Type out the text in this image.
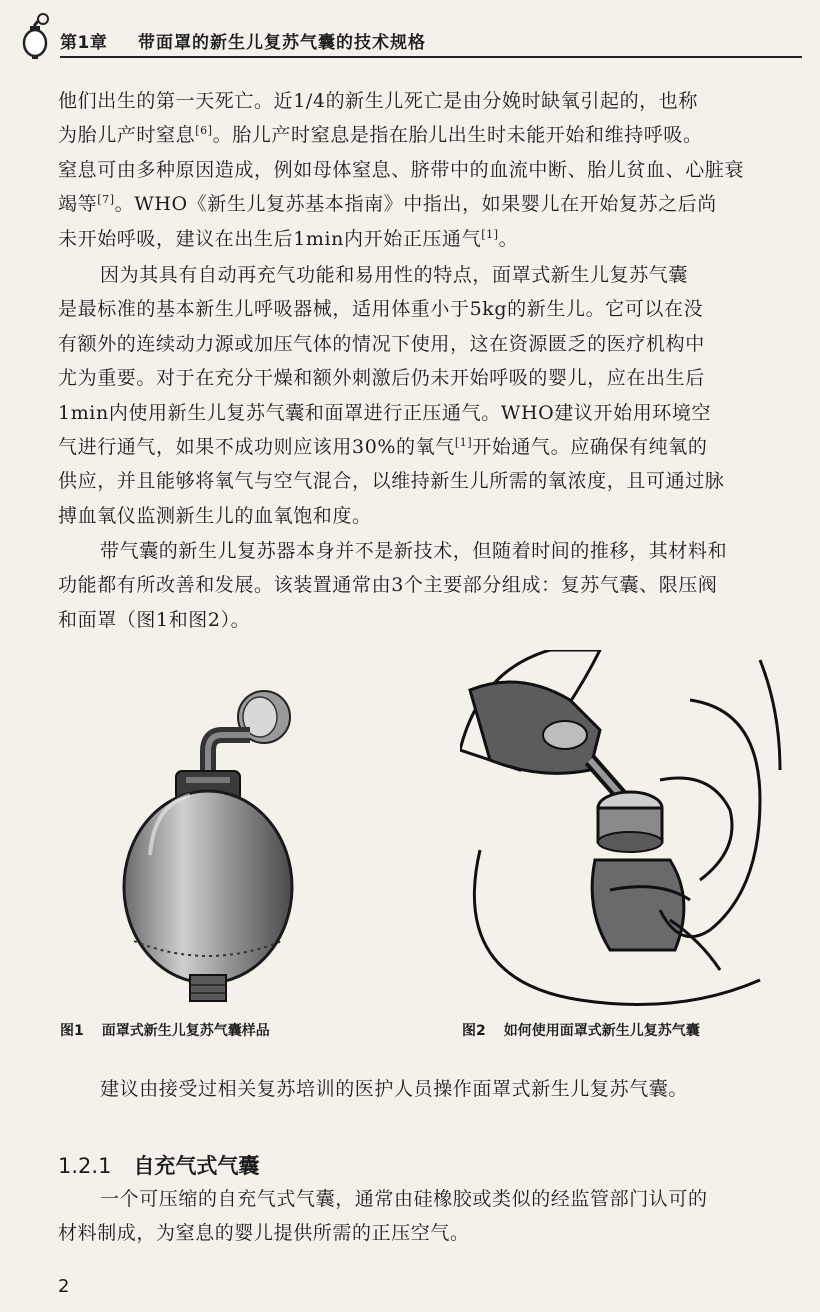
第1章 带面罩的新生儿复苏气囊的技术规格
他们出生的第一天死亡。近1/4的新生儿死亡是由分娩时缺氧引起的，也称
为胎儿产时窒息[6]。胎儿产时窒息是指在胎儿出生时未能开始和维持呼吸。
窒息可由多种原因造成，例如母体窒息、脐带中的血流中断、胎儿贫血、心脏衰
竭等[7]。WHO《新生儿复苏基本指南》中指出，如果婴儿在开始复苏之后尚
未开始呼吸，建议在出生后1min内开始正压通气[1]。
因为其具有自动再充气功能和易用性的特点，面罩式新生儿复苏气囊
是最标准的基本新生儿呼吸器械，适用体重小于5kg的新生儿。它可以在没
有额外的连续动力源或加压气体的情况下使用，这在资源匮乏的医疗机构中
尤为重要。对于在充分干燥和额外刺激后仍未开始呼吸的婴儿，应在出生后
1min内使用新生儿复苏气囊和面罩进行正压通气。WHO建议开始用环境空
气进行通气，如果不成功则应该用30%的氧气[1]开始通气。应确保有纯氧的
供应，并且能够将氧气与空气混合，以维持新生儿所需的氧浓度，且可通过脉
搏血氧仪监测新生儿的血氧饱和度。
带气囊的新生儿复苏器本身并不是新技术，但随着时间的推移，其材料和
功能都有所改善和发展。该装置通常由3个主要部分组成：复苏气囊、限压阀
和面罩（图1和图2）。
图1 面罩式新生儿复苏气囊样品	图2 如何使用面罩式新生儿复苏气囊
建议由接受过相关复苏培训的医护人员操作面罩式新生儿复苏气囊。
1.2.1 自充气式气囊
一个可压缩的自充气式气囊，通常由硅橡胶或类似的经监管部门认可的
材料制成，为窒息的婴儿提供所需的正压空气。
2
